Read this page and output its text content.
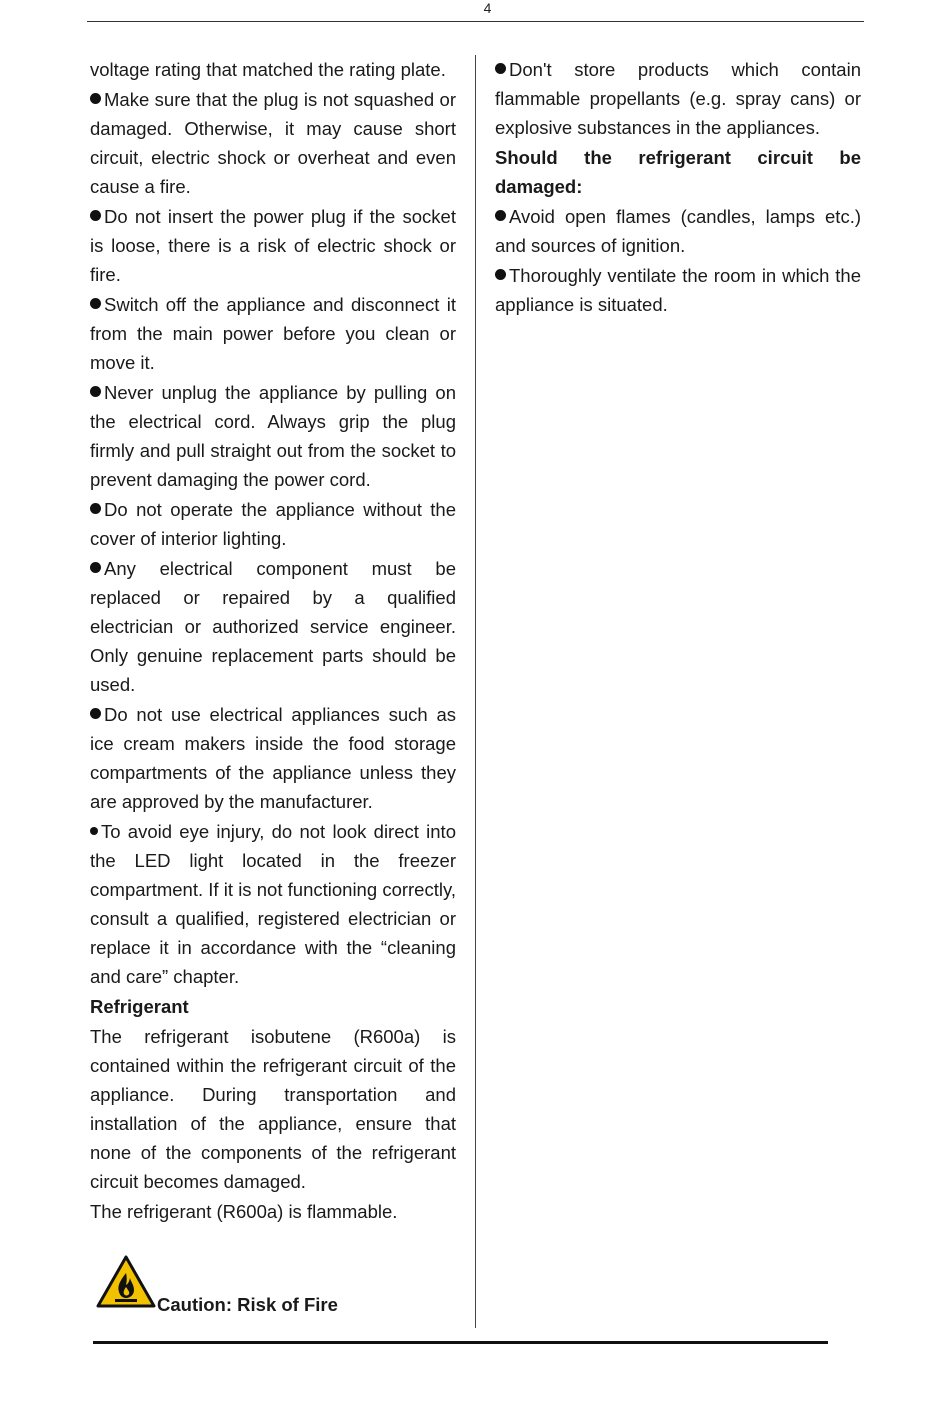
4

voltage rating that matched the rating plate.

Make sure that the plug is not squashed or damaged. Otherwise, it may cause short circuit, electric shock or overheat and even cause a fire.

Do not insert the power plug if the socket is loose, there is a risk of electric shock or fire.

Switch off the appliance and disconnect it from the main power before you clean or move it.

Never unplug the appliance by pulling on the electrical cord. Always grip the plug firmly and pull straight out from the socket to prevent damaging the power cord.

Do not operate the appliance without the cover of interior lighting.

Any electrical component must be replaced or repaired by a qualified electrician or authorized service engineer. Only genuine replacement parts should be used.

Do not use electrical appliances such as ice cream makers inside the food storage compartments of the appliance unless they are approved by the manufacturer.

To avoid eye injury, do not look direct into the LED light located in the freezer compartment. If it is not functioning correctly, consult a qualified, registered electrician or replace it in accordance with the “cleaning and care” chapter.

Refrigerant

The refrigerant isobutene (R600a) is contained within the refrigerant circuit of the appliance. During transportation and installation of the appliance, ensure that none of the components of the refrigerant circuit becomes damaged.

The refrigerant (R600a) is flammable.

Caution: Risk of Fire

Don't store products which contain flammable propellants (e.g. spray cans) or explosive substances in the appliances.

Should the refrigerant circuit be damaged:

Avoid open flames (candles, lamps etc.) and sources of ignition.

Thoroughly ventilate the room in which the appliance is situated.
